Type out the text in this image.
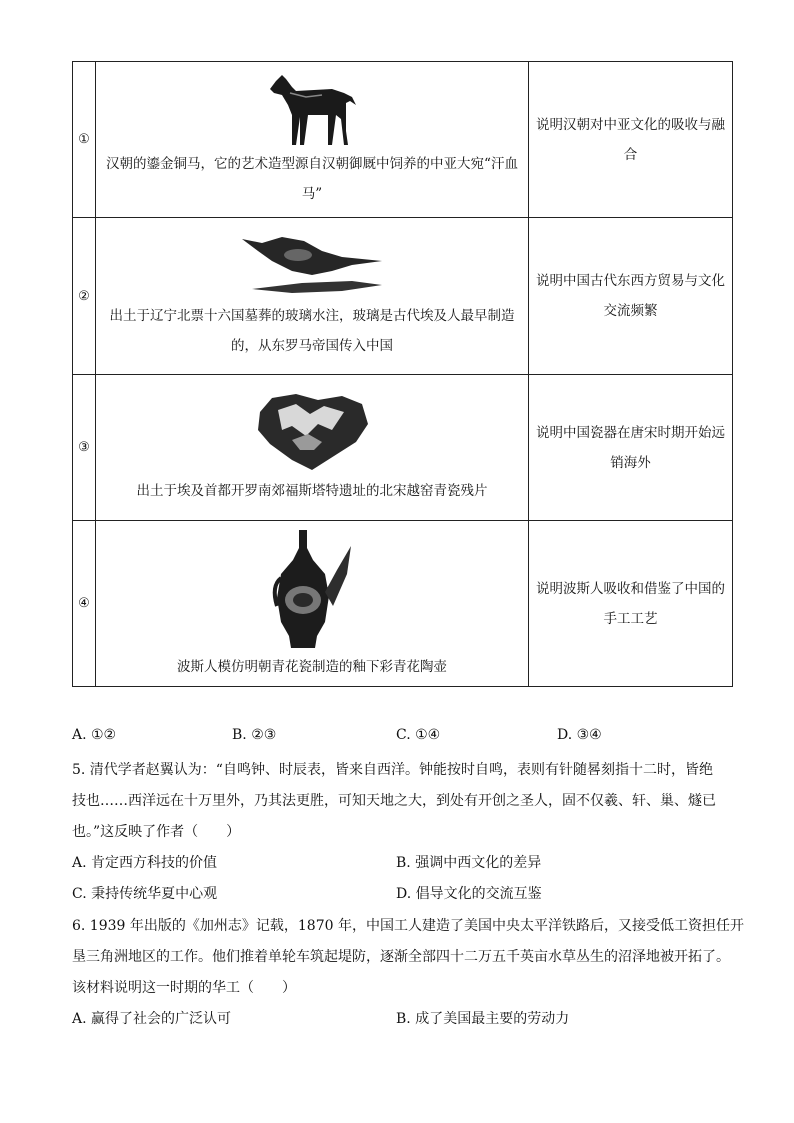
①	汉朝的鎏金铜马，它的艺术造型源自汉朝御厩中饲养的中亚大宛“汗血马”	说明汉朝对中亚文化的吸收与融合
②	出土于辽宁北票十六国墓葬的玻璃水注，玻璃是古代埃及人最早制造的，从东罗马帝国传入中国	说明中国古代东西方贸易与文化交流频繁
③	出土于埃及首都开罗南郊福斯塔特遗址的北宋越窑青瓷残片	说明中国瓷器在唐宋时期开始远销海外
④	波斯人模仿明朝青花瓷制造的釉下彩青花陶壶	说明波斯人吸收和借鉴了中国的手工工艺
A. ①②	B. ②③	C. ①④	D. ③④
5. 清代学者赵翼认为：“自鸣钟、时辰表，皆来自西洋。钟能按时自鸣，表则有针随晷刻指十二时，皆绝
技也……西洋远在十万里外，乃其法更胜，可知天地之大，到处有开创之圣人，固不仅羲、轩、巢、燧已
也。”这反映了作者（　　）
A. 肯定西方科技的价值	B. 强调中西文化的差异
C. 秉持传统华夏中心观	D. 倡导文化的交流互鉴
6. 1939 年出版的《加州志》记载，1870 年，中国工人建造了美国中央太平洋铁路后，又接受低工资担任开
垦三角洲地区的工作。他们推着单轮车筑起堤防，逐渐全部四十二万五千英亩水草丛生的沼泽地被开拓了。
该材料说明这一时期的华工（　　）
A. 赢得了社会的广泛认可	B. 成了美国最主要的劳动力
